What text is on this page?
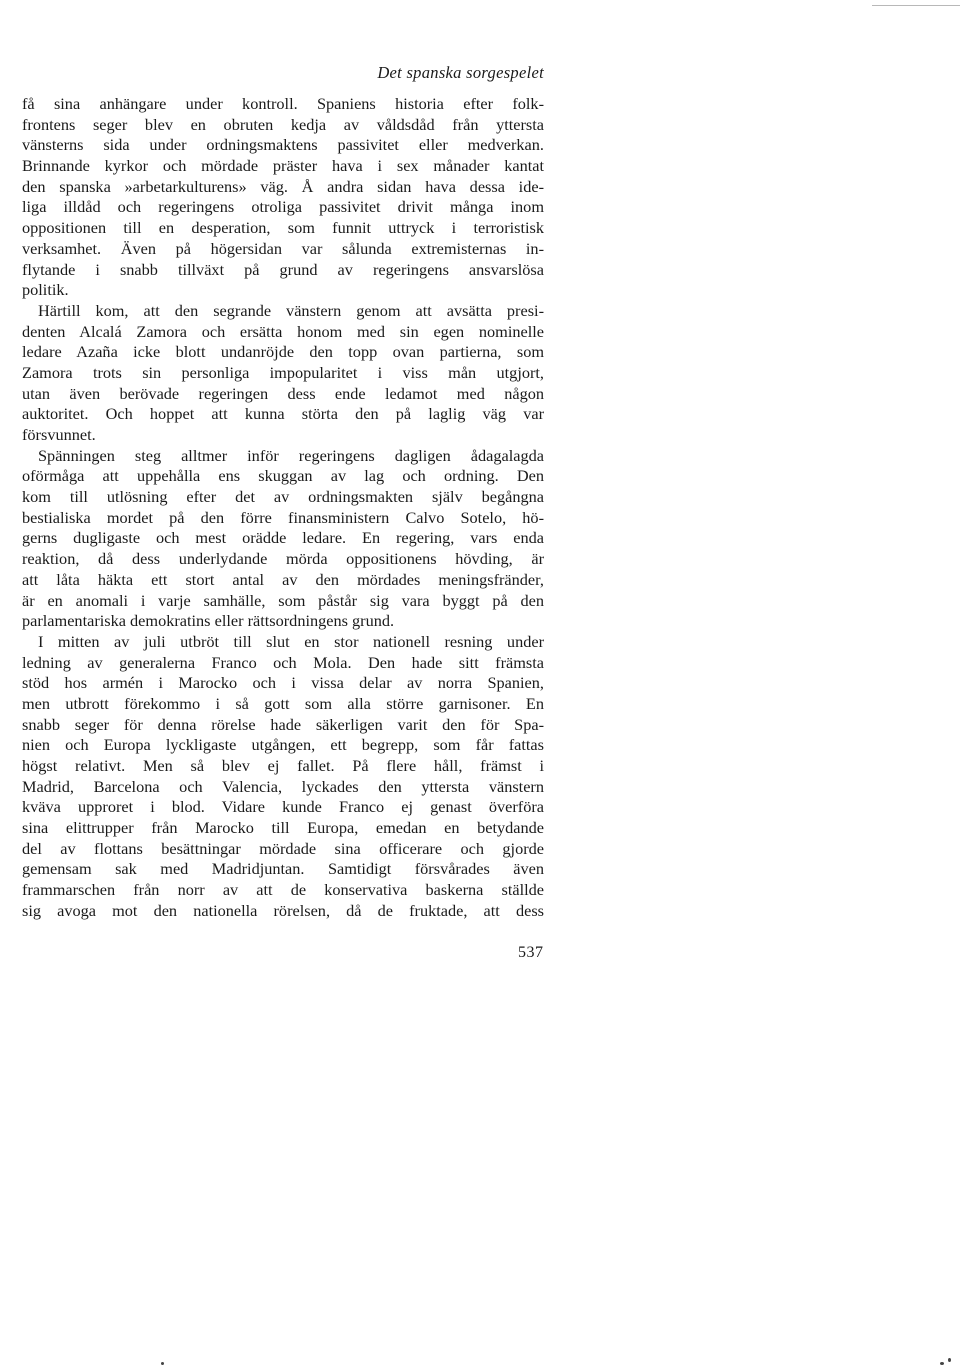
Det spanska sorgespelet
få sina anhängare under kontroll. Spaniens historia efter folk-
frontens seger blev en obruten kedja av våldsdåd från yttersta
vänsterns sida under ordningsmaktens passivitet eller medverkan.
Brinnande kyrkor och mördade präster hava i sex månader kantat
den spanska »arbetarkulturens» väg. Å andra sidan hava dessa ide-
liga illdåd och regeringens otroliga passivitet drivit många inom
oppositionen till en desperation, som funnit uttryck i terroristisk
verksamhet. Även på högersidan var sålunda extremisternas in-
flytande i snabb tillväxt på grund av regeringens ansvarslösa
politik.
Härtill kom, att den segrande vänstern genom att avsätta presi-
denten Alcalá Zamora och ersätta honom med sin egen nominelle
ledare Azaña icke blott undanröjde den topp ovan partierna, som
Zamora trots sin personliga impopularitet i viss mån utgjort,
utan även berövade regeringen dess ende ledamot med någon
auktoritet. Och hoppet att kunna störta den på laglig väg var
försvunnet.
Spänningen steg alltmer inför regeringens dagligen ådagalagda
oförmåga att uppehålla ens skuggan av lag och ordning. Den
kom till utlösning efter det av ordningsmakten själv begångna
bestialiska mordet på den förre finansministern Calvo Sotelo, hö-
gerns dugligaste och mest orädde ledare. En regering, vars enda
reaktion, då dess underlydande mörda oppositionens hövding, är
att låta häkta ett stort antal av den mördades meningsfränder,
är en anomali i varje samhälle, som påstår sig vara byggt på den
parlamentariska demokratins eller rättsordningens grund.
I mitten av juli utbröt till slut en stor nationell resning under
ledning av generalerna Franco och Mola. Den hade sitt främsta
stöd hos armén i Marocko och i vissa delar av norra Spanien,
men utbrott förekommo i så gott som alla större garnisoner. En
snabb seger för denna rörelse hade säkerligen varit den för Spa-
nien och Europa lyckligaste utgången, ett begrepp, som får fattas
högst relativt. Men så blev ej fallet. På flere håll, främst i
Madrid, Barcelona och Valencia, lyckades den yttersta vänstern
kväva upproret i blod. Vidare kunde Franco ej genast överföra
sina elittrupper från Marocko till Europa, emedan en betydande
del av flottans besättningar mördade sina officerare och gjorde
gemensam sak med Madridjuntan. Samtidigt försvårades även
frammarschen från norr av att de konservativa baskerna ställde
sig avoga mot den nationella rörelsen, då de fruktade, att dess
537
